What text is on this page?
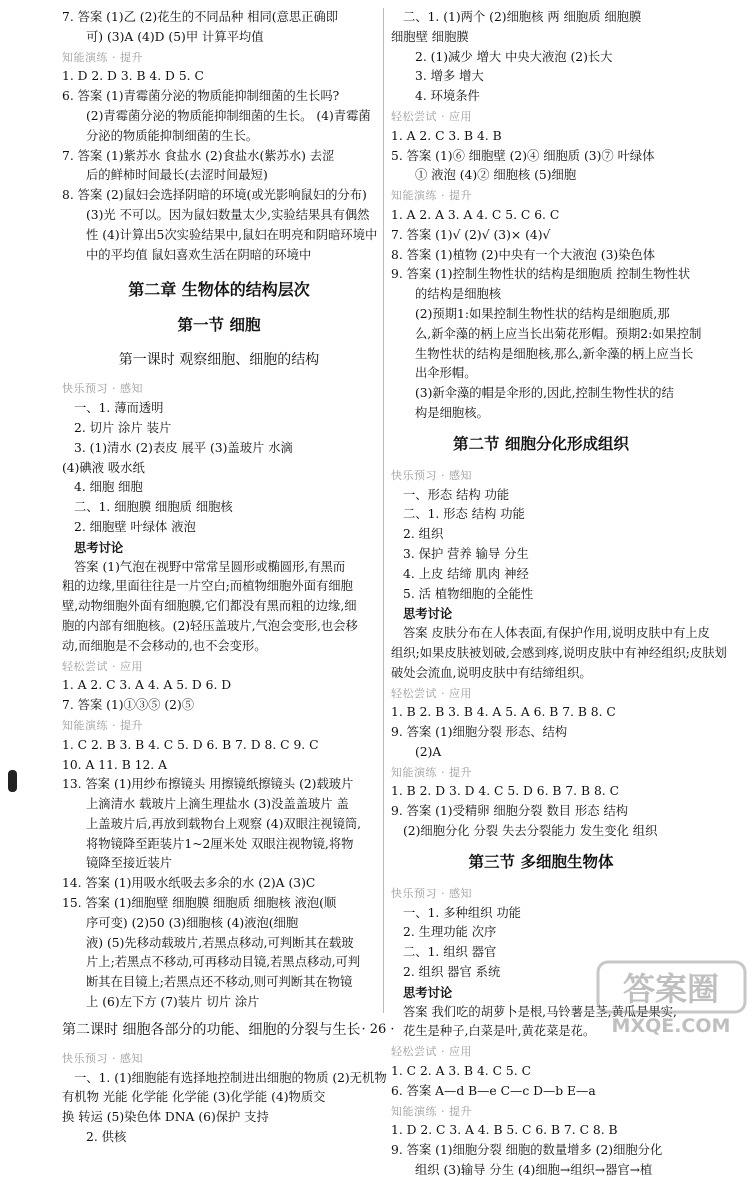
7. 答案 (1)乙 (2)花生的不同品种 相同(意思正确即
可) (3)A (4)D (5)甲 计算平均值
知能演练 · 提升
1. D 2. D 3. B 4. D 5. C
6. 答案 (1)青霉菌分泌的物质能抑制细菌的生长吗?
(2)青霉菌分泌的物质能抑制细菌的生长。 (4)青霉菌
分泌的物质能抑制细菌的生长。
7. 答案 (1)紫苏水 食盐水 (2)食盐水(紫苏水) 去涩
后的鲜柿时间最长(去涩时间最短)
8. 答案 (2)鼠妇会选择阴暗的环境(或光影响鼠妇的分布)
(3)光 不可以。因为鼠妇数量太少,实验结果具有偶然
性 (4)计算出5次实验结果中,鼠妇在明亮和阴暗环境中
中的平均值 鼠妇喜欢生活在阴暗的环境中
第二章 生物体的结构层次
第一节 细胞
第一课时 观察细胞、细胞的结构
快乐预习 · 感知
一、1. 薄而透明
2. 切片 涂片 装片
3. (1)清水 (2)表皮 展平 (3)盖玻片 水滴
(4)碘液 吸水纸
4. 细胞 细胞
二、1. 细胞膜 细胞质 细胞核
2. 细胞壁 叶绿体 液泡
思考讨论
答案 (1)气泡在视野中常常呈圆形或椭圆形,有黑而
粗的边缘,里面往往是一片空白;而植物细胞外面有细胞
壁,动物细胞外面有细胞膜,它们都没有黑而粗的边缘,细
胞的内部有细胞核。(2)轻压盖玻片,气泡会变形,也会移
动,而细胞是不会移动的,也不会变形。
轻松尝试 · 应用
1. A 2. C 3. A 4. A 5. D 6. D
7. 答案 (1)①③⑤ (2)⑤
知能演练 · 提升
1. C 2. B 3. B 4. C 5. D 6. B 7. D 8. C 9. C
10. A 11. B 12. A
13. 答案 (1)用纱布擦镜头 用擦镜纸擦镜头 (2)载玻片
上滴清水 载玻片上滴生理盐水 (3)没盖盖玻片 盖
上盖玻片后,再放到载物台上观察 (4)双眼注视镜筒,
将物镜降至距装片1~2厘米处 双眼注视物镜,将物
镜降至接近装片
14. 答案 (1)用吸水纸吸去多余的水 (2)A (3)C
15. 答案 (1)细胞壁 细胞膜 细胞质 细胞核 液泡(顺
序可变) (2)50 (3)细胞核 (4)液泡(细胞
液) (5)先移动载玻片,若黑点移动,可判断其在载玻
片上;若黑点不移动,可再移动目镜,若黑点移动,可判
断其在目镜上;若黑点还不移动,则可判断其在物镜
上 (6)左下方 (7)装片 切片 涂片
第二课时 细胞各部分的功能、细胞的分裂与生长
快乐预习 · 感知
一、1. (1)细胞能有选择地控制进出细胞的物质 (2)无机物
有机物 光能 化学能 化学能 (3)化学能 (4)物质交
换 转运 (5)染色体 DNA (6)保护 支持
2. 供核
二、1. (1)两个 (2)细胞核 两 细胞质 细胞膜
细胞壁 细胞膜
2. (1)减少 增大 中央大液泡 (2)长大
3. 增多 增大
4. 环境条件
轻松尝试 · 应用
1. A 2. C 3. B 4. B
5. 答案 (1)⑥ 细胞壁 (2)④ 细胞质 (3)⑦ 叶绿体
① 液泡 (4)② 细胞核 (5)细胞
知能演练 · 提升
1. A 2. A 3. A 4. C 5. C 6. C
7. 答案 (1)√ (2)√ (3)× (4)√
8. 答案 (1)植物 (2)中央有一个大液泡 (3)染色体
9. 答案 (1)控制生物性状的结构是细胞质 控制生物性状
的结构是细胞核
(2)预期1:如果控制生物性状的结构是细胞质,那
么,新伞藻的柄上应当长出菊花形帽。预期2:如果控制
生物性状的结构是细胞核,那么,新伞藻的柄上应当长
出伞形帽。
(3)新伞藻的帽是伞形的,因此,控制生物性状的结
构是细胞核。
第二节 细胞分化形成组织
快乐预习 · 感知
一、形态 结构 功能
二、1. 形态 结构 功能
2. 组织
3. 保护 营养 输导 分生
4. 上皮 结缔 肌肉 神经
5. 活 植物细胞的全能性
思考讨论
答案 皮肤分布在人体表面,有保护作用,说明皮肤中有上皮
组织;如果皮肤被划破,会感到疼,说明皮肤中有神经组织;皮肤划
破处会流血,说明皮肤中有结缔组织。
轻松尝试 · 应用
1. B 2. B 3. B 4. A 5. A 6. B 7. B 8. C
9. 答案 (1)细胞分裂 形态、结构
(2)A
知能演练 · 提升
1. B 2. D 3. D 4. C 5. D 6. B 7. B 8. C
9. 答案 (1)受精卵 细胞分裂 数目 形态 结构
(2)细胞分化 分裂 失去分裂能力 发生变化 组织
第三节 多细胞生物体
快乐预习 · 感知
一、1. 多种组织 功能
2. 生理功能 次序
二、1. 组织 器官
2. 组织 器官 系统
思考讨论
答案 我们吃的胡萝卜是根,马铃薯是茎,黄瓜是果实,
花生是种子,白菜是叶,黄花菜是花。
轻松尝试 · 应用
1. C 2. A 3. B 4. C 5. C
6. 答案 A—d B—e C—c D—b E—a
知能演练 · 提升
1. D 2. C 3. A 4. B 5. C 6. B 7. C 8. B
9. 答案 (1)细胞分裂 细胞的数量增多 (2)细胞分化
组织 (3)输导 分生 (4)细胞→组织→器官→植
· 26 ·
答案圈
MXQE.COM
